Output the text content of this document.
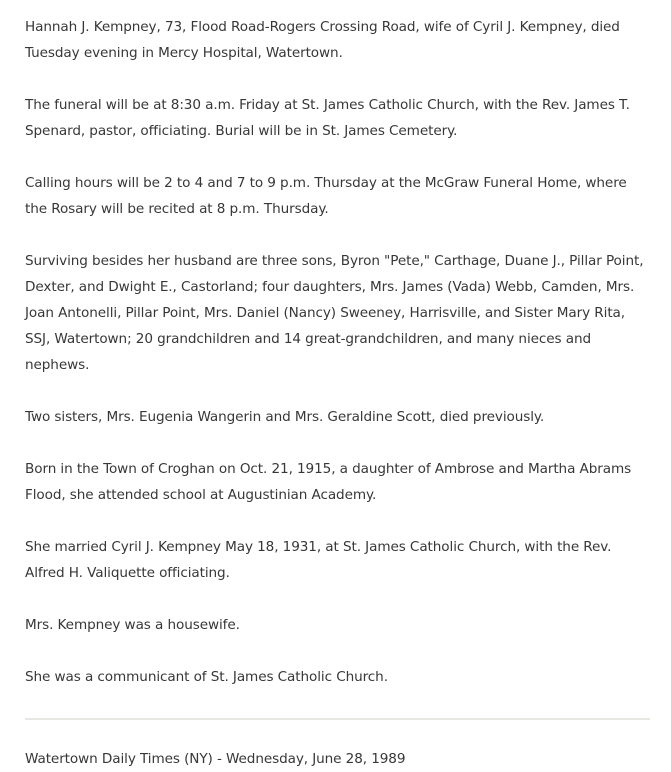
Hannah J. Kempney, 73, Flood Road-Rogers Crossing Road, wife of Cyril J. Kempney, died Tuesday evening in Mercy Hospital, Watertown.

The funeral will be at 8:30 a.m. Friday at St. James Catholic Church, with the Rev. James T. Spenard, pastor, officiating. Burial will be in St. James Cemetery.

Calling hours will be 2 to 4 and 7 to 9 p.m. Thursday at the McGraw Funeral Home, where the Rosary will be recited at 8 p.m. Thursday.

Surviving besides her husband are three sons, Byron "Pete," Carthage, Duane J., Pillar Point, Dexter, and Dwight E., Castorland; four daughters, Mrs. James (Vada) Webb, Camden, Mrs. Joan Antonelli, Pillar Point, Mrs. Daniel (Nancy) Sweeney, Harrisville, and Sister Mary Rita, SSJ, Watertown; 20 grandchildren and 14 great-grandchildren, and many nieces and nephews.

Two sisters, Mrs. Eugenia Wangerin and Mrs. Geraldine Scott, died previously.

Born in the Town of Croghan on Oct. 21, 1915, a daughter of Ambrose and Martha Abrams Flood, she attended school at Augustinian Academy.

She married Cyril J. Kempney May 18, 1931, at St. James Catholic Church, with the Rev. Alfred H. Valiquette officiating.

Mrs. Kempney was a housewife.

She was a communicant of St. James Catholic Church.

Watertown Daily Times (NY) - Wednesday, June 28, 1989
